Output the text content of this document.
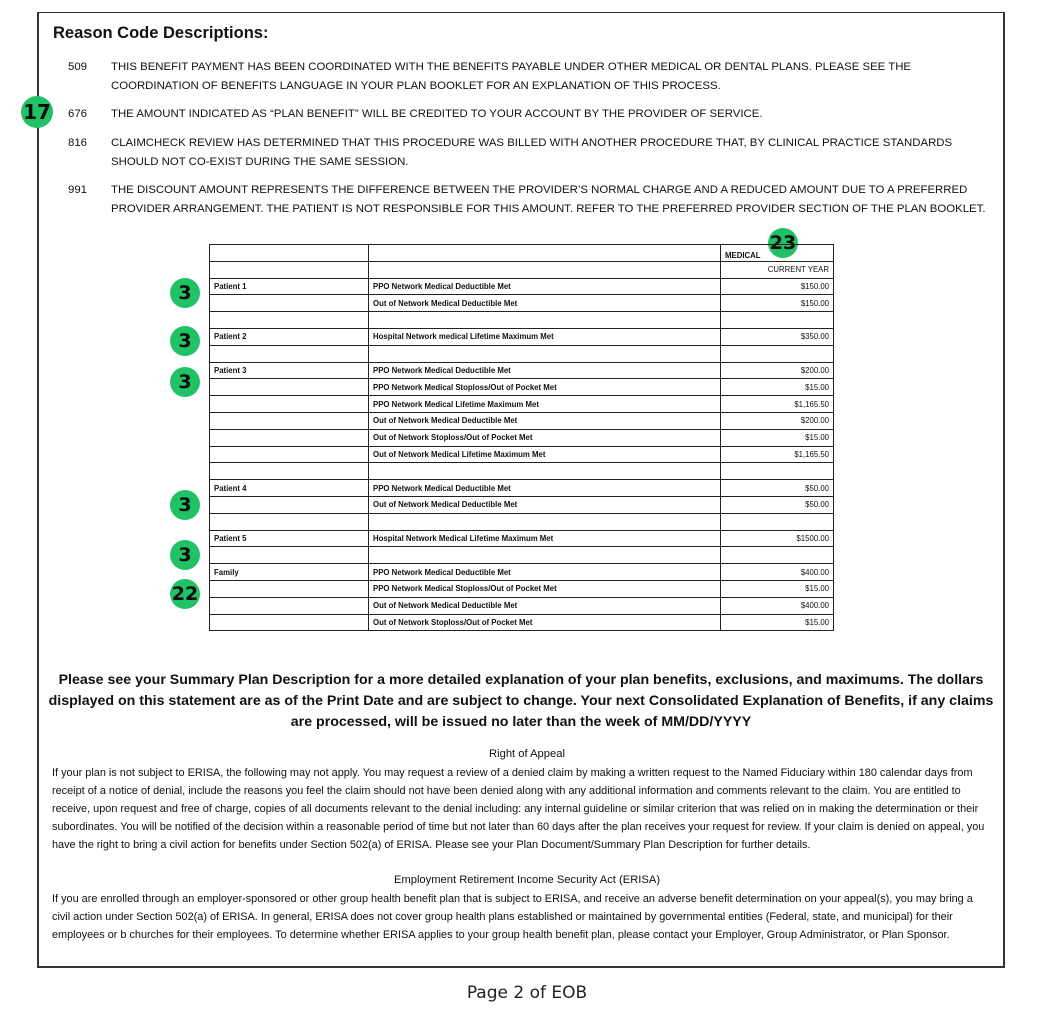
Reason Code Descriptions:
509	THIS BENEFIT PAYMENT HAS BEEN COORDINATED WITH THE BENEFITS PAYABLE UNDER OTHER MEDICAL OR DENTAL PLANS. PLEASE SEE THE COORDINATION OF BENEFITS LANGUAGE IN YOUR PLAN BOOKLET FOR AN EXPLANATION OF THIS PROCESS.
676	THE AMOUNT INDICATED AS “PLAN BENEFIT” WILL BE CREDITED TO YOUR ACCOUNT BY THE PROVIDER OF SERVICE.
816	CLAIMCHECK REVIEW HAS DETERMINED THAT THIS PROCEDURE WAS BILLED WITH ANOTHER PROCEDURE THAT, BY CLINICAL PRACTICE STANDARDS SHOULD NOT CO-EXIST DURING THE SAME SESSION.
991	THE DISCOUNT AMOUNT REPRESENTS THE DIFFERENCE BETWEEN THE PROVIDER’S NORMAL CHARGE AND A REDUCED AMOUNT DUE TO A PREFERRED PROVIDER ARRANGEMENT. THE PATIENT IS NOT RESPONSIBLE FOR THIS AMOUNT. REFER TO THE PREFERRED PROVIDER SECTION OF THE PLAN BOOKLET.
17
23
		MEDICAL
		CURRENT YEAR
Patient 1	PPO Network Medical Deductible Met	$150.00
	Out of Network Medical Deductible Met	$150.00

Patient 2	Hospital Network medical Lifetime Maximum Met	$350.00

Patient 3	PPO Network Medical Deductible Met	$200.00
	PPO Network Medical Stoploss/Out of Pocket Met	$15.00
	PPO Network Medical Lifetime Maximum Met	$1,165.50
	Out of Network Medical Deductible Met	$200.00
	Out of Network Stoploss/Out of Pocket Met	$15.00
	Out of Network Medical Lifetime Maximum Met	$1,165.50

Patient 4	PPO Network Medical Deductible Met	$50.00
	Out of Network Medical Deductible Met	$50.00

Patient 5	Hospital Network Medical Lifetime Maximum Met	$1500.00

Family	PPO Network Medical Deductible Met	$400.00
	PPO Network Medical Stoploss/Out of Pocket Met	$15.00
	Out of Network Medical Deductible Met	$400.00
	Out of Network Stoploss/Out of Pocket Met	$15.00
3
3
3
3
3
22
Please see your Summary Plan Description for a more detailed explanation of your plan benefits, exclusions, and maximums. The dollars displayed on this statement are as of the Print Date and are subject to change. Your next Consolidated Explanation of Benefits, if any claims are processed, will be issued no later than the week of MM/DD/YYYY
Right of Appeal
If your plan is not subject to ERISA, the following may not apply. You may request a review of a denied claim by making a written request to the Named Fiduciary within 180 calendar days from receipt of a notice of denial, include the reasons you feel the claim should not have been denied along with any additional information and comments relevant to the claim. You are entitled to receive, upon request and free of charge, copies of all documents relevant to the denial including: any internal guideline or similar criterion that was relied on in making the determination or their subordinates. You will be notified of the decision within a reasonable period of time but not later than 60 days after the plan receives your request for review. If your claim is denied on appeal, you have the right to bring a civil action for benefits under Section 502(a) of ERISA. Please see your Plan Document/Summary Plan Description for further details.
Employment Retirement Income Security Act (ERISA)
If you are enrolled through an employer-sponsored or other group health benefit plan that is subject to ERISA, and receive an adverse benefit determination on your appeal(s), you may bring a civil action under Section 502(a) of ERISA. In general, ERISA does not cover group health plans established or maintained by governmental entities (Federal, state, and municipal) for their employees or b churches for their employees. To determine whether ERISA applies to your group health benefit plan, please contact your Employer, Group Administrator, or Plan Sponsor.
Page 2 of EOB
